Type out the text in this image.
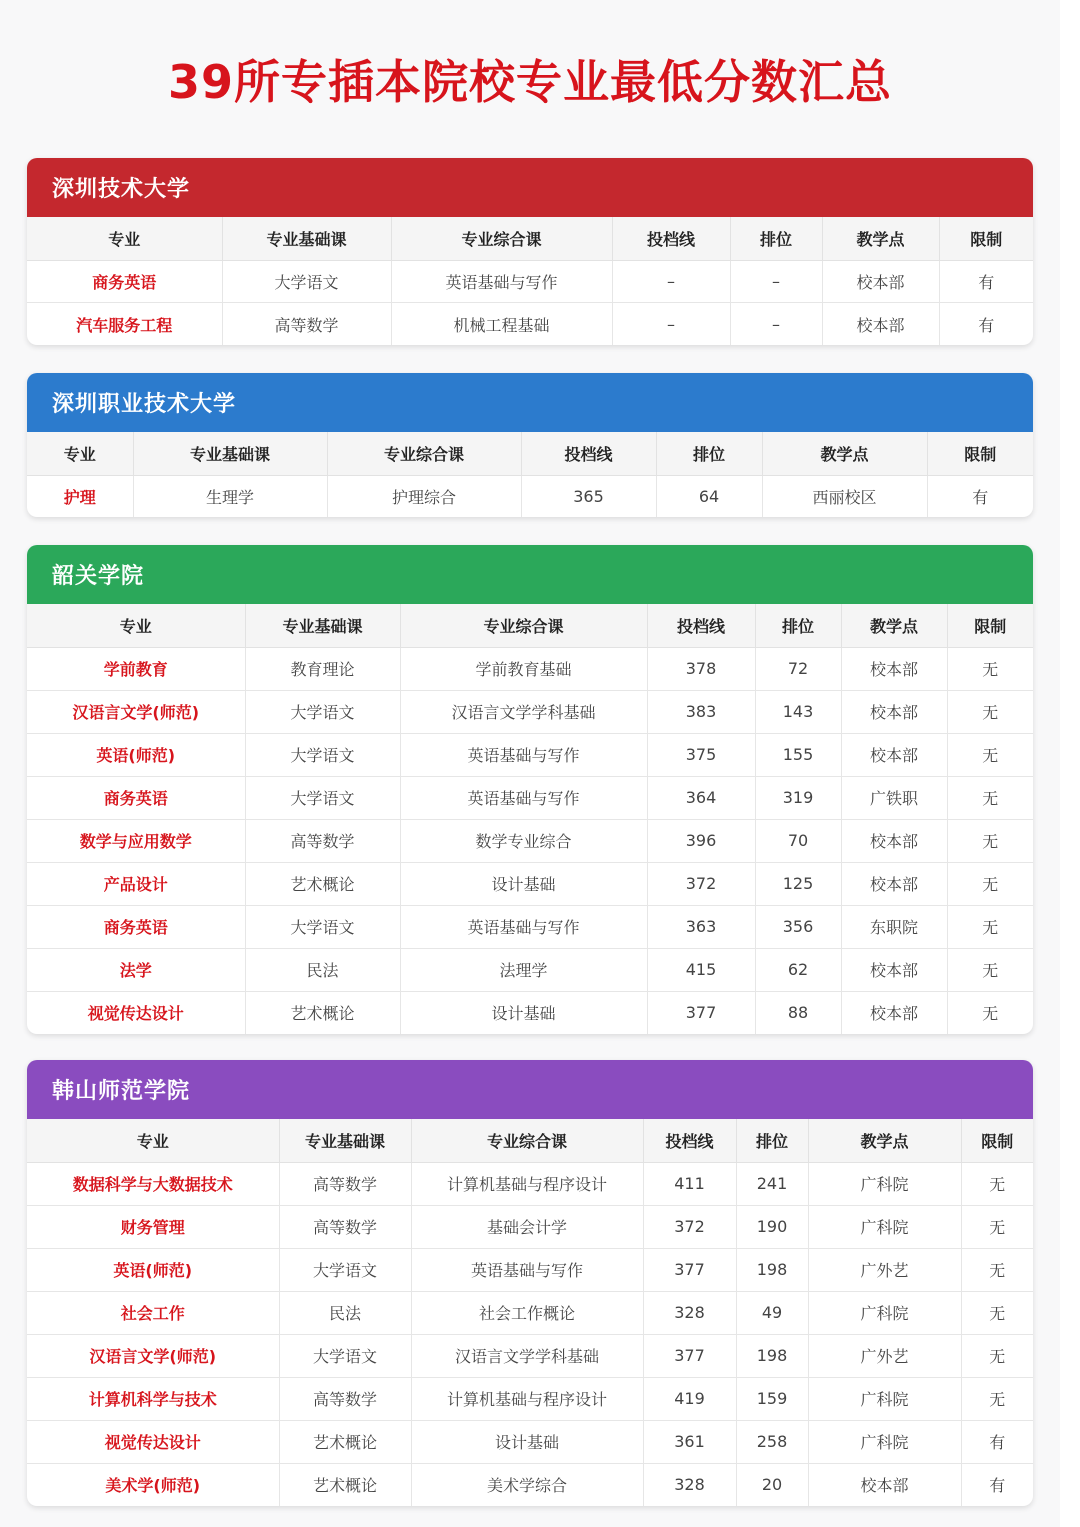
39所专插本院校专业最低分数汇总
深圳技术大学
专业	专业基础课	专业综合课	投档线	排位	教学点	限制
商务英语	大学语文	英语基础与写作	–	–	校本部	有
汽车服务工程	高等数学	机械工程基础	–	–	校本部	有
深圳职业技术大学
专业	专业基础课	专业综合课	投档线	排位	教学点	限制
护理	生理学	护理综合	365	64	西丽校区	有
韶关学院
专业	专业基础课	专业综合课	投档线	排位	教学点	限制
学前教育	教育理论	学前教育基础	378	72	校本部	无
汉语言文学(师范)	大学语文	汉语言文学学科基础	383	143	校本部	无
英语(师范)	大学语文	英语基础与写作	375	155	校本部	无
商务英语	大学语文	英语基础与写作	364	319	广铁职	无
数学与应用数学	高等数学	数学专业综合	396	70	校本部	无
产品设计	艺术概论	设计基础	372	125	校本部	无
商务英语	大学语文	英语基础与写作	363	356	东职院	无
法学	民法	法理学	415	62	校本部	无
视觉传达设计	艺术概论	设计基础	377	88	校本部	无
韩山师范学院
专业	专业基础课	专业综合课	投档线	排位	教学点	限制
数据科学与大数据技术	高等数学	计算机基础与程序设计	411	241	广科院	无
财务管理	高等数学	基础会计学	372	190	广科院	无
英语(师范)	大学语文	英语基础与写作	377	198	广外艺	无
社会工作	民法	社会工作概论	328	49	广科院	无
汉语言文学(师范)	大学语文	汉语言文学学科基础	377	198	广外艺	无
计算机科学与技术	高等数学	计算机基础与程序设计	419	159	广科院	无
视觉传达设计	艺术概论	设计基础	361	258	广科院	有
美术学(师范)	艺术概论	美术学综合	328	20	校本部	有
